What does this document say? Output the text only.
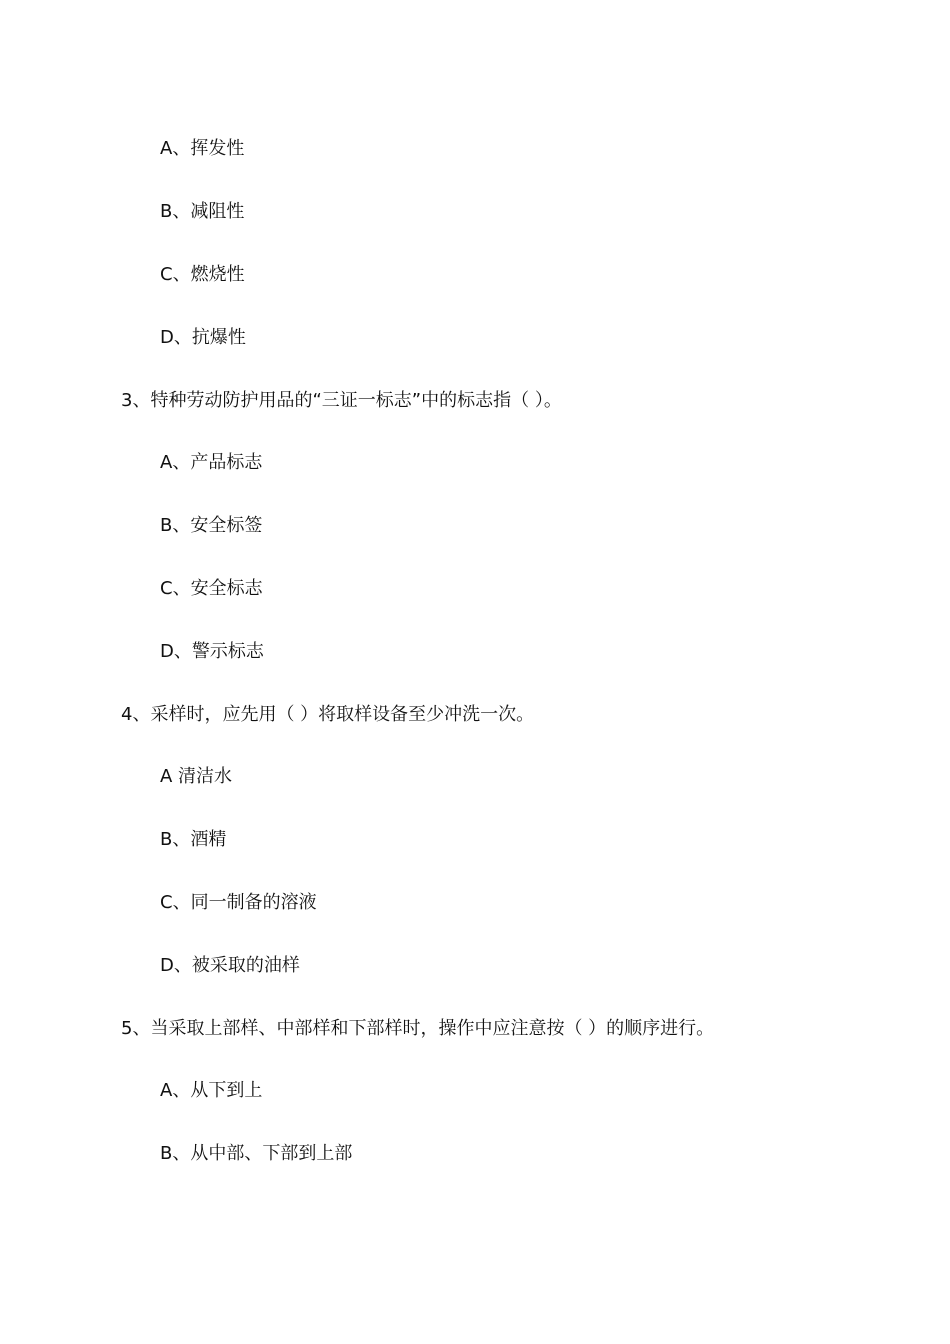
A、挥发性
B、减阻性
C、燃烧性
D、抗爆性
3、特种劳动防护用品的“三证一标志”中的标志指（ ）。
A、产品标志
B、安全标签
C、安全标志
D、警示标志
4、采样时，应先用（ ）将取样设备至少冲洗一次。
A 清洁水
B、酒精
C、同一制备的溶液
D、被采取的油样
5、当采取上部样、中部样和下部样时，操作中应注意按（ ）的顺序进行。
A、从下到上
B、从中部、下部到上部
